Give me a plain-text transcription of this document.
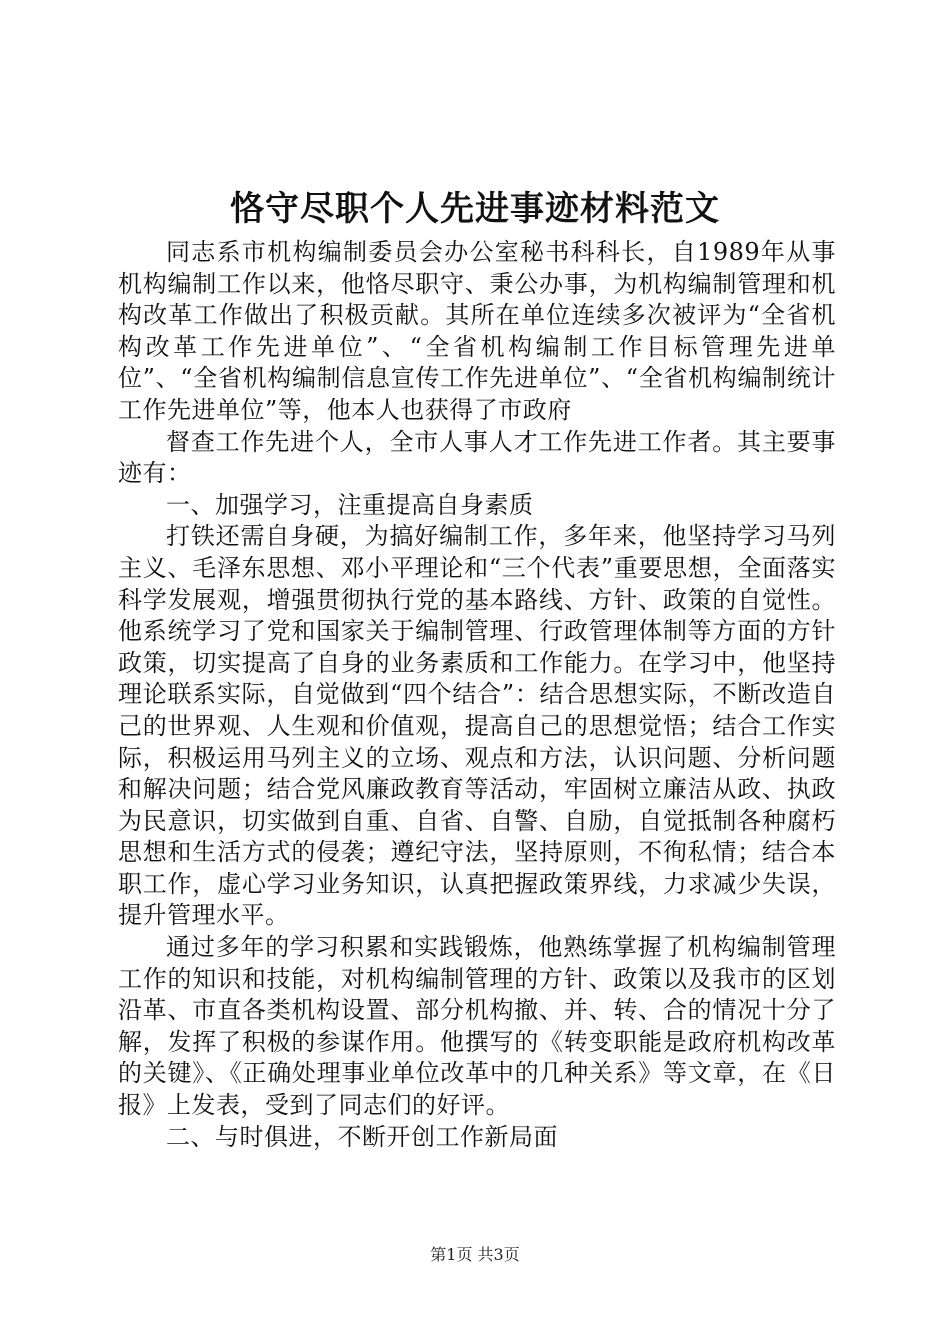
恪守尽职个人先进事迹材料范文

同志系市机构编制委员会办公室秘书科科长，自1989年从事机构编制工作以来，他恪尽职守、秉公办事，为机构编制管理和机构改革工作做出了积极贡献。其所在单位连续多次被评为“全省机构改革工作先进单位”、“全省机构编制工作目标管理先进单位”、“全省机构编制信息宣传工作先进单位”、“全省机构编制统计工作先进单位”等，他本人也获得了市政府

督查工作先进个人，全市人事人才工作先进工作者。其主要事迹有：

一、加强学习，注重提高自身素质

打铁还需自身硬，为搞好编制工作，多年来，他坚持学习马列主义、毛泽东思想、邓小平理论和“三个代表”重要思想，全面落实科学发展观，增强贯彻执行党的基本路线、方针、政策的自觉性。他系统学习了党和国家关于编制管理、行政管理体制等方面的方针政策，切实提高了自身的业务素质和工作能力。在学习中，他坚持理论联系实际，自觉做到“四个结合”：结合思想实际，不断改造自己的世界观、人生观和价值观，提高自己的思想觉悟；结合工作实际，积极运用马列主义的立场、观点和方法，认识问题、分析问题和解决问题；结合党风廉政教育等活动，牢固树立廉洁从政、执政为民意识，切实做到自重、自省、自警、自励，自觉抵制各种腐朽思想和生活方式的侵袭；遵纪守法，坚持原则，不徇私情；结合本职工作，虚心学习业务知识，认真把握政策界线，力求减少失误，提升管理水平。

通过多年的学习积累和实践锻炼，他熟练掌握了机构编制管理工作的知识和技能，对机构编制管理的方针、政策以及我市的区划沿革、市直各类机构设置、部分机构撤、并、转、合的情况十分了解，发挥了积极的参谋作用。他撰写的《转变职能是政府机构改革的关键》、《正确处理事业单位改革中的几种关系》等文章，在《日报》上发表，受到了同志们的好评。

二、与时俱进，不断开创工作新局面

第1页 共3页
